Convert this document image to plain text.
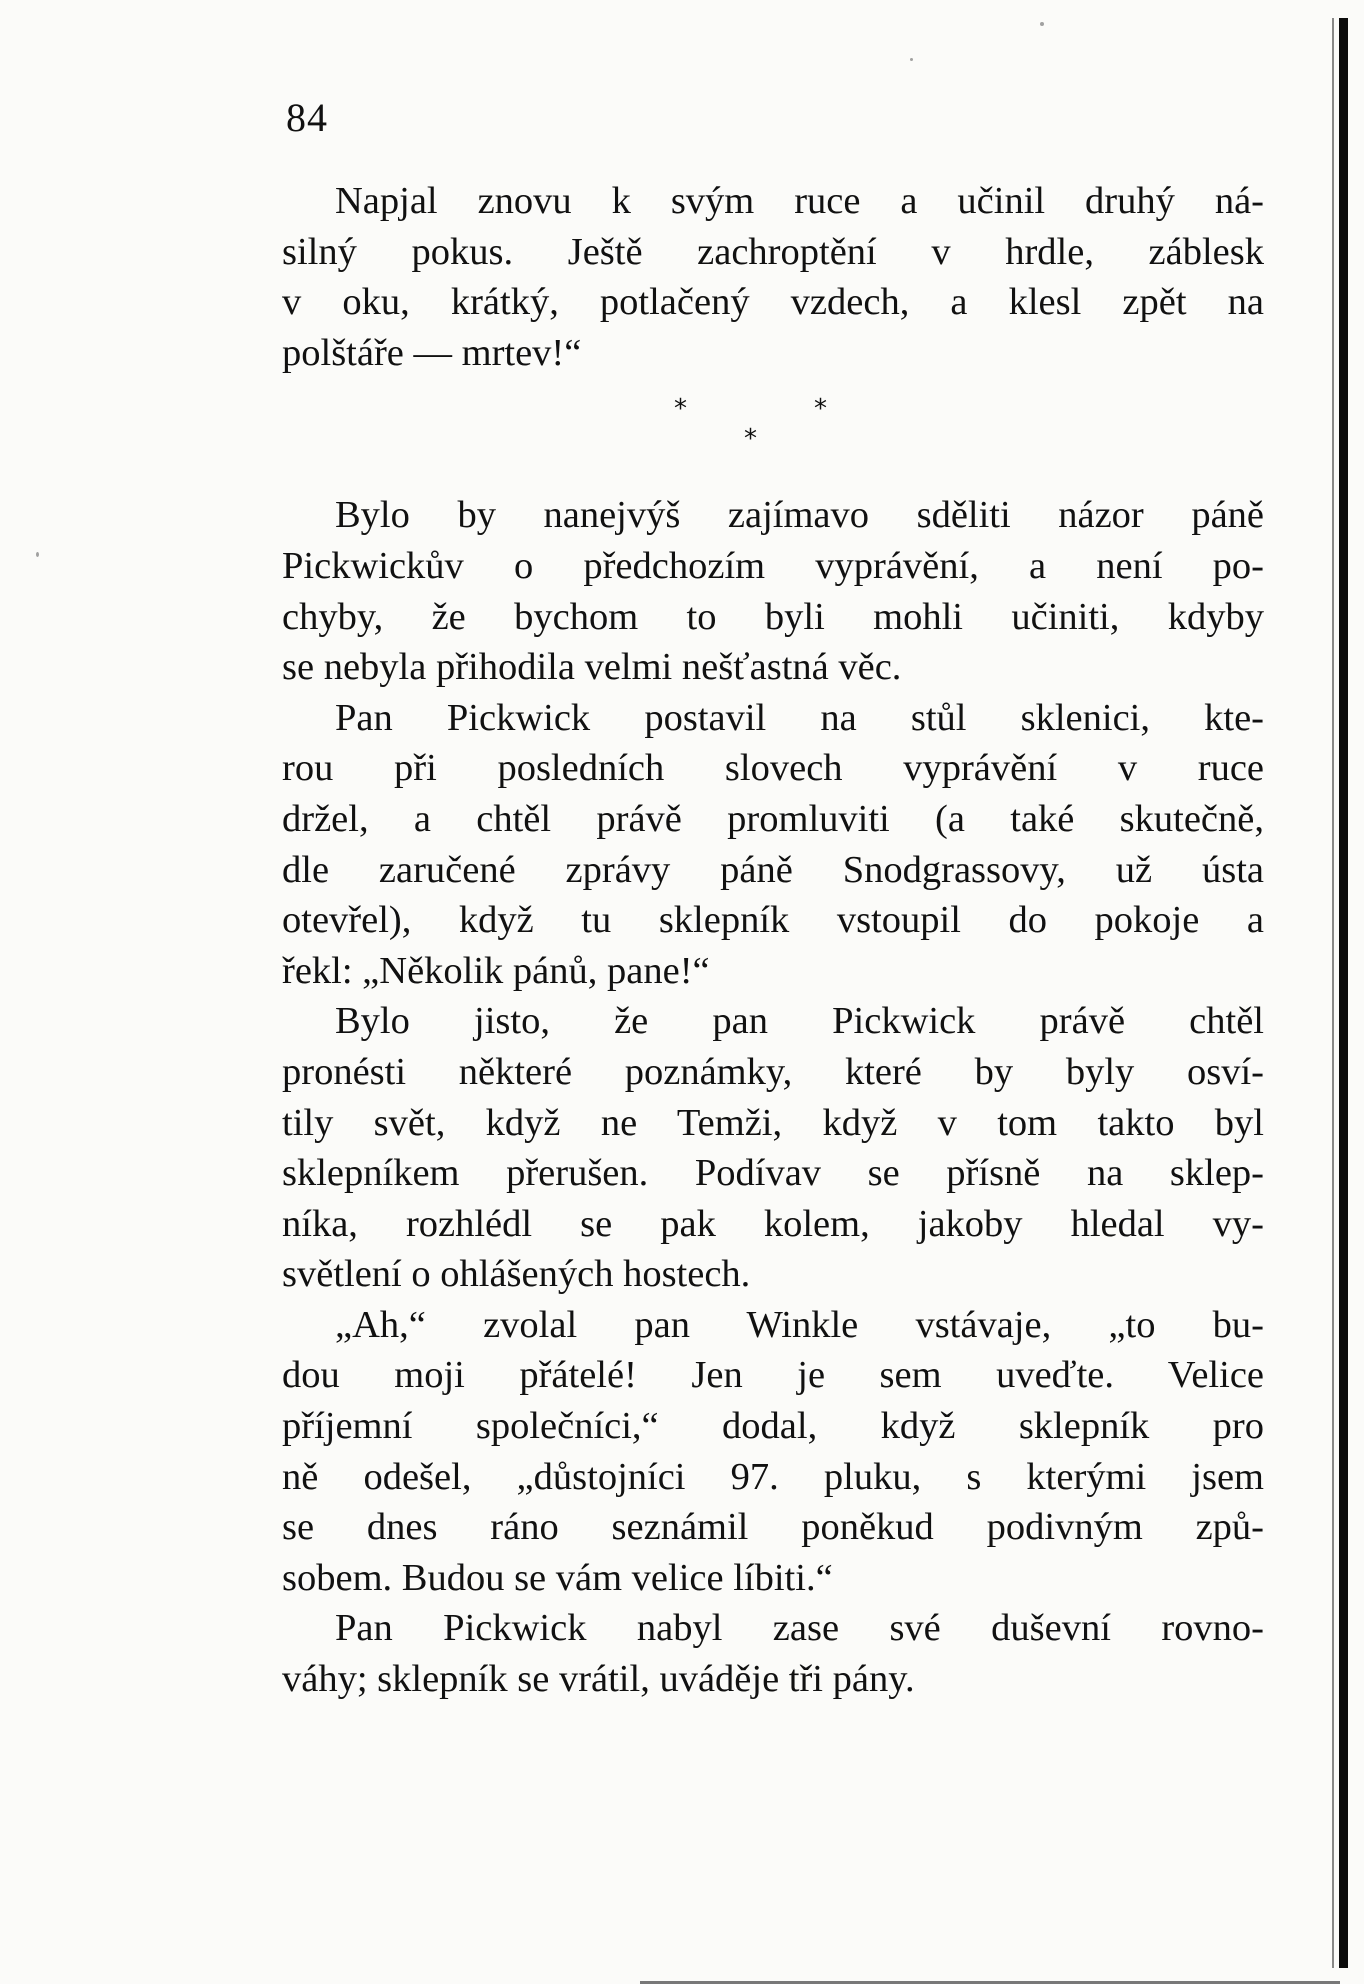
84
Napjal znovu k svým ruce a učinil druhý ná-
silný pokus. Ještě zachroptění v hrdle, záblesk
v oku, krátký, potlačený vzdech, a klesl zpět na
polštáře — mrtev!“
*	*
*
Bylo by nanejvýš zajímavo sděliti názor páně
Pickwickův o předchozím vyprávění, a není po-
chyby, že bychom to byli mohli učiniti, kdyby
se nebyla přihodila velmi nešťastná věc.
Pan Pickwick postavil na stůl sklenici, kte-
rou při posledních slovech vyprávění v ruce
držel, a chtěl právě promluviti (a také skutečně,
dle zaručené zprávy páně Snodgrassovy, už ústa
otevřel), když tu sklepník vstoupil do pokoje a
řekl: „Několik pánů, pane!“
Bylo jisto, že pan Pickwick právě chtěl
pronésti některé poznámky, které by byly osví-
tily svět, když ne Temži, když v tom takto byl
sklepníkem přerušen. Podívav se přísně na sklep-
níka, rozhlédl se pak kolem, jakoby hledal vy-
světlení o ohlášených hostech.
„Ah,“ zvolal pan Winkle vstávaje, „to bu-
dou moji přátelé! Jen je sem uveďte. Velice
příjemní společníci,“ dodal, když sklepník pro
ně odešel, „důstojníci 97. pluku, s kterými jsem
se dnes ráno seznámil poněkud podivným způ-
sobem. Budou se vám velice líbiti.“
Pan Pickwick nabyl zase své duševní rovno-
váhy; sklepník se vrátil, uváděje tři pány.
